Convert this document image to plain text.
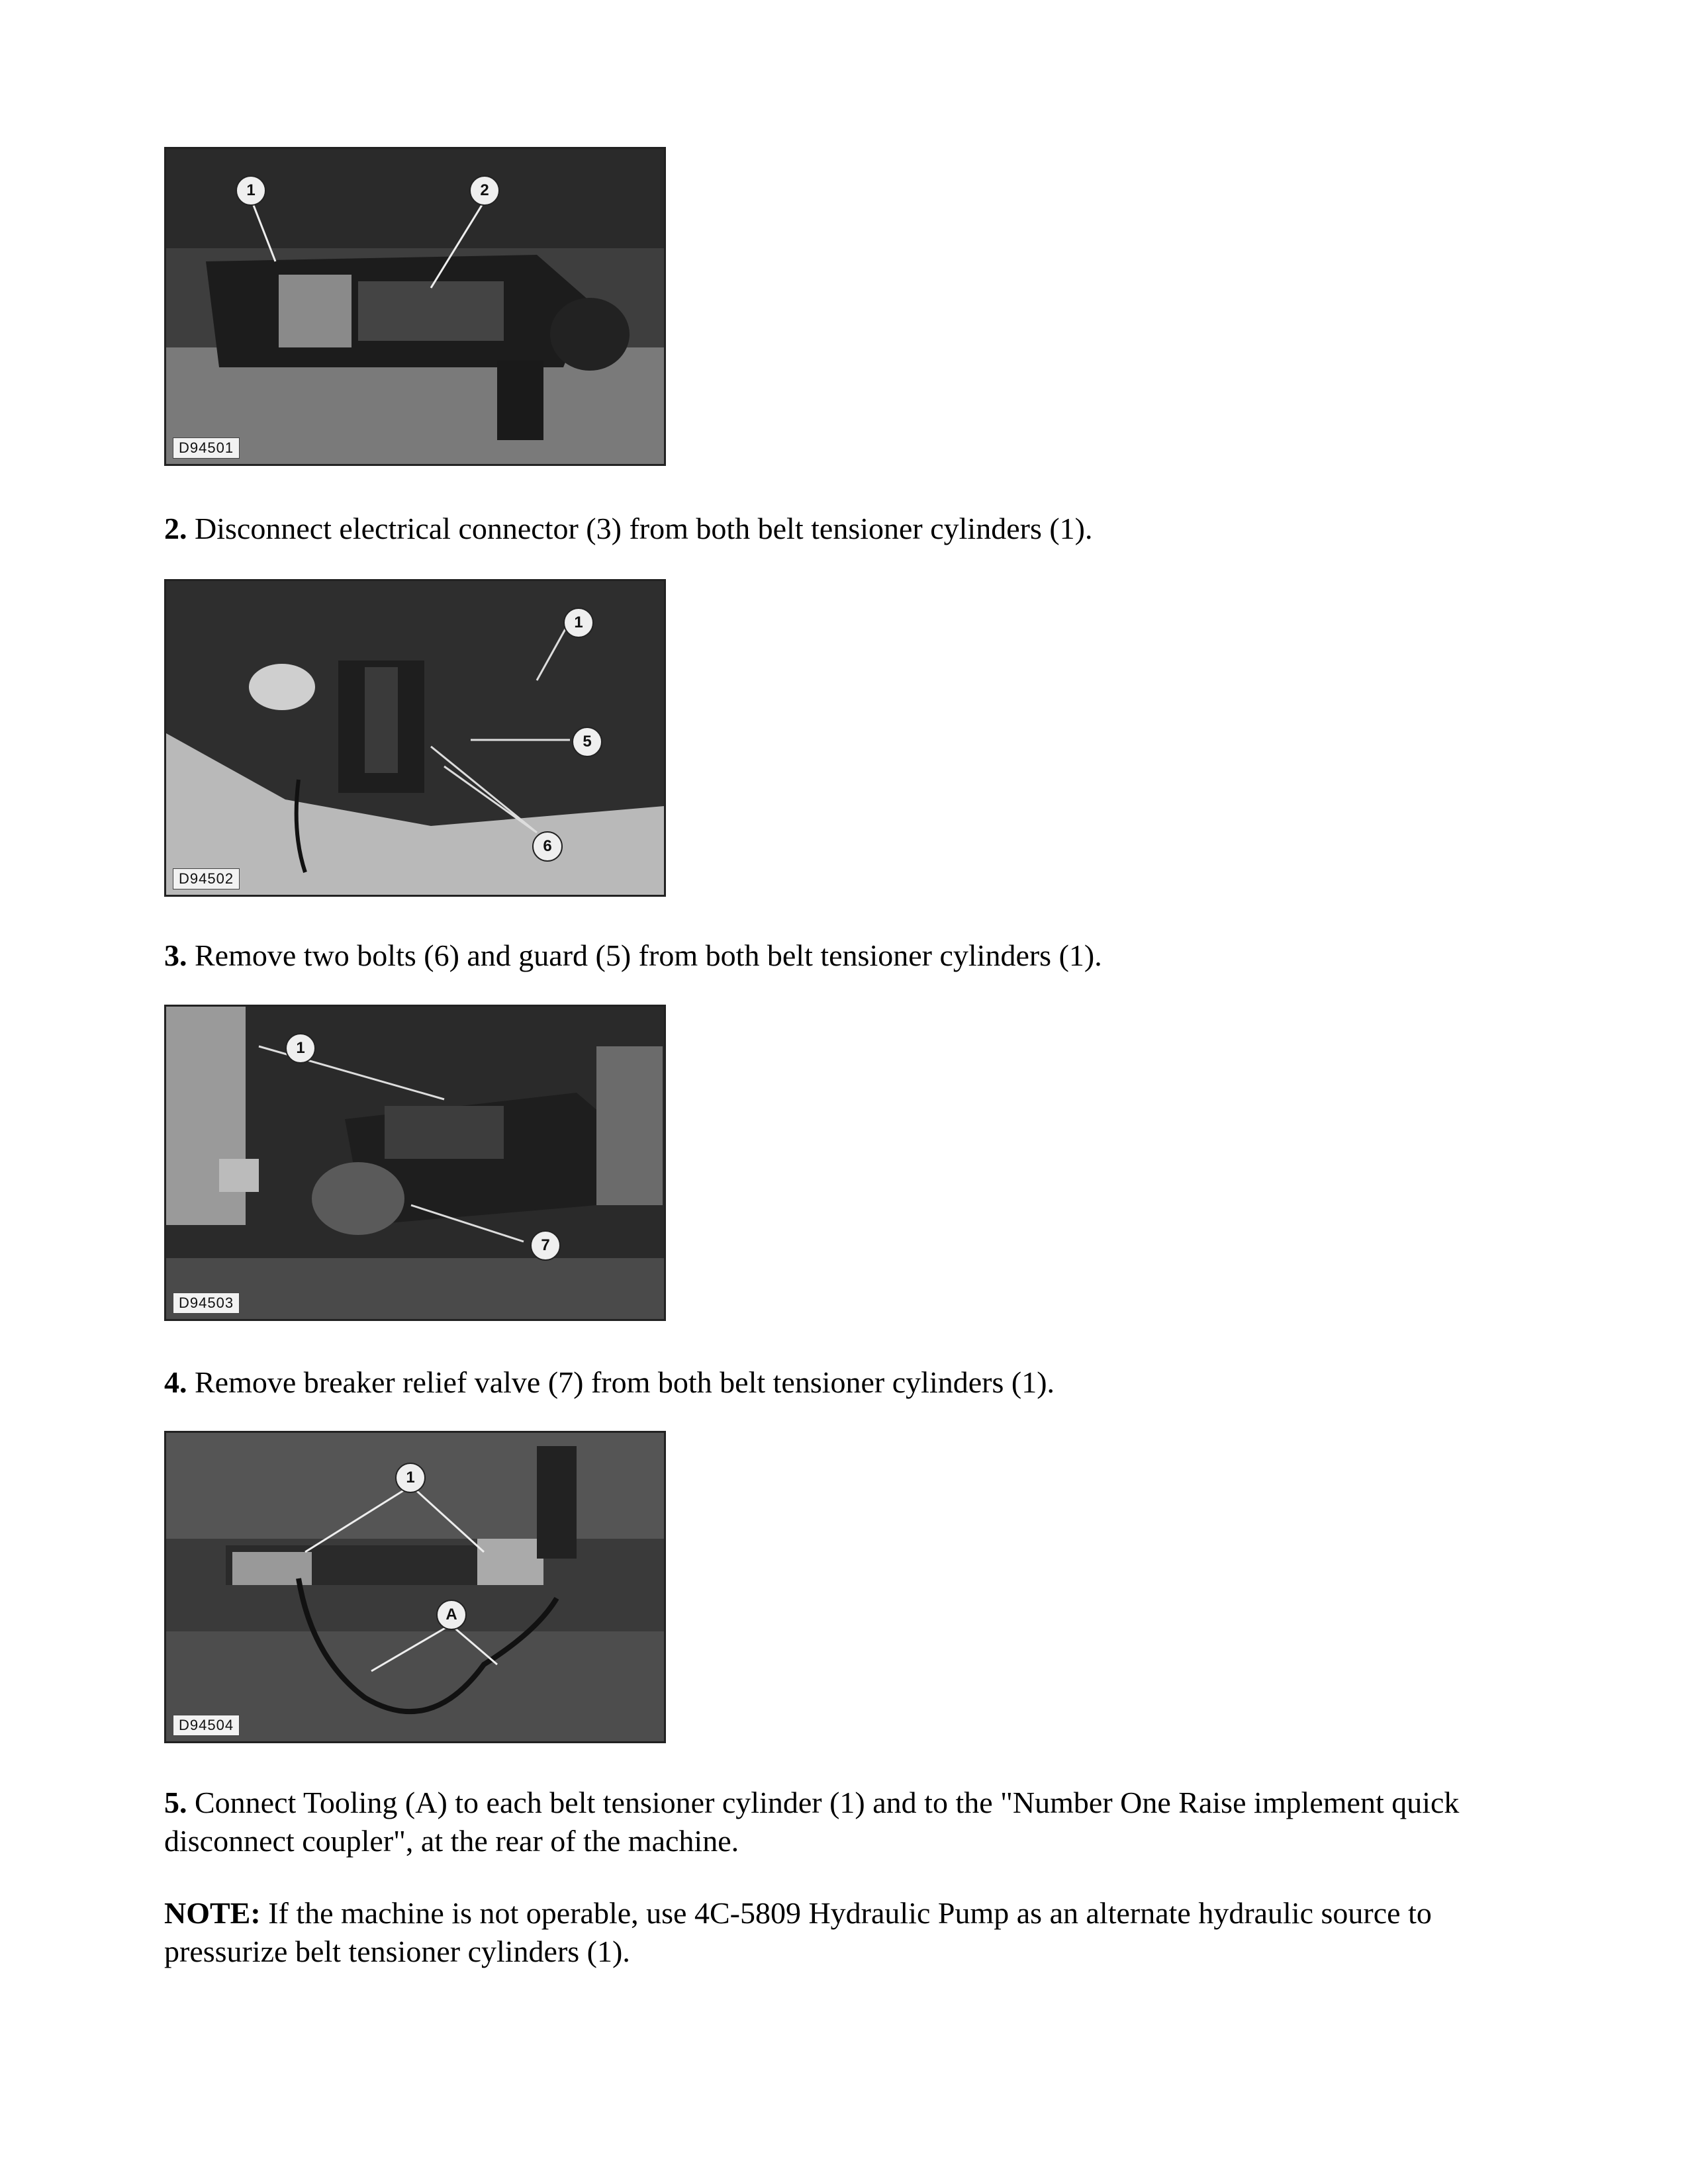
1	2
D94501

2. Disconnect electrical connector (3) from both belt tensioner cylinders (1).

1
5
6
D94502

3. Remove two bolts (6) and guard (5) from both belt tensioner cylinders (1).

1
7
D94503

4. Remove breaker relief valve (7) from both belt tensioner cylinders (1).

1
A
D94504

5. Connect Tooling (A) to each belt tensioner cylinder (1) and to the "Number One Raise implement quick disconnect coupler", at the rear of the machine.

NOTE: If the machine is not operable, use 4C-5809 Hydraulic Pump as an alternate hydraulic source to pressurize belt tensioner cylinders (1).
